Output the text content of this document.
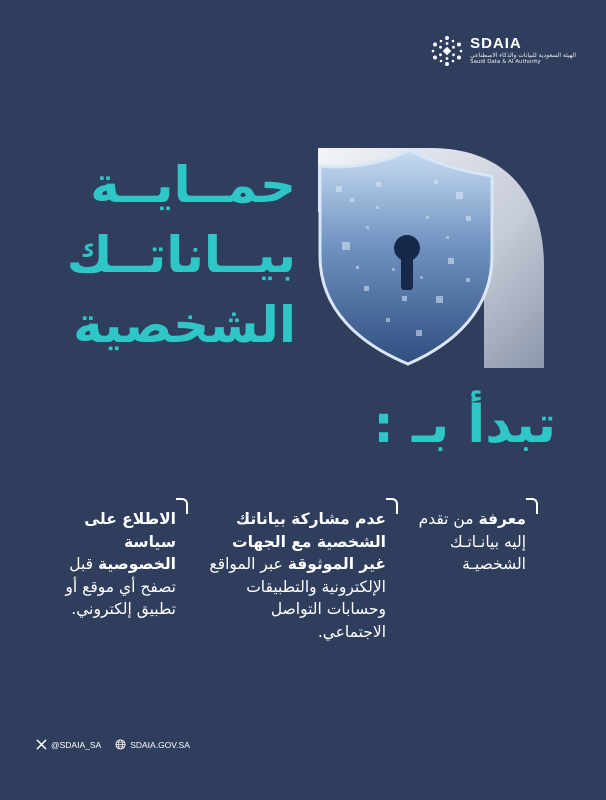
SDAIA
الهيئة السعودية للبيانات والذكاء الاصطناعي
Saudi Data & AI Authority
حمــايــة
بيــاناتــك
الشخصية
تبدأ بـ :
معرفة من تقدم إليه بيانـاتـك الشخصيـة
عدم مشاركة بياناتك الشخصية مع الجهات غير الموثوقة عبر المواقع الإلكترونية والتطبيقات وحسابات التواصل الاجتماعي.
الاطلاع على سياسة الخصوصية قبل تصفح أي موقع أو تطبيق إلكتروني.
@SDAIA_SA	SDAIA.GOV.SA
